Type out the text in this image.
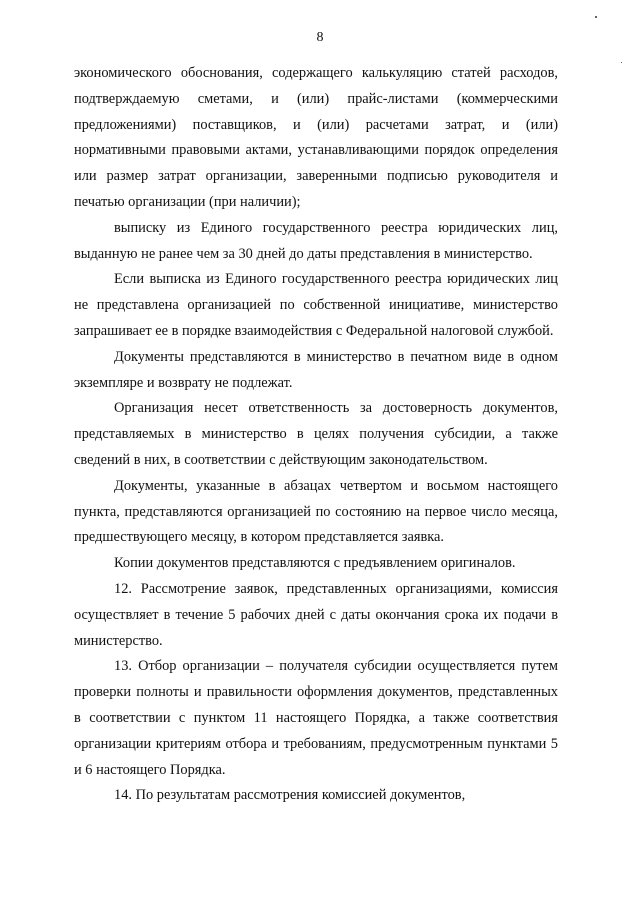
8

экономического обоснования, содержащего калькуляцию статей расходов, подтверждаемую сметами, и (или) прайс-листами (коммерческими предложениями) поставщиков, и (или) расчетами затрат, и (или) нормативными правовыми актами, устанавливающими порядок определения или размер затрат организации, заверенными подписью руководителя и печатью организации (при наличии);

выписку из Единого государственного реестра юридических лиц, выданную не ранее чем за 30 дней до даты представления в министерство.

Если выписка из Единого государственного реестра юридических лиц не представлена организацией по собственной инициативе, министерство запрашивает ее в порядке взаимодействия с Федеральной налоговой службой.

Документы представляются в министерство в печатном виде в одном экземпляре и возврату не подлежат.

Организация несет ответственность за достоверность документов, представляемых в министерство в целях получения субсидии, а также сведений в них, в соответствии с действующим законодательством.

Документы, указанные в абзацах четвертом и восьмом настоящего пункта, представляются организацией по состоянию на первое число месяца, предшествующего месяцу, в котором представляется заявка.

Копии документов представляются с предъявлением оригиналов.

12. Рассмотрение заявок, представленных организациями, комиссия осуществляет в течение 5 рабочих дней с даты окончания срока их подачи в министерство.

13. Отбор организации – получателя субсидии осуществляется путем проверки полноты и правильности оформления документов, представленных в соответствии с пунктом 11 настоящего Порядка, а также соответствия организации критериям отбора и требованиям, предусмотренным пунктами 5 и 6 настоящего Порядка.

14. По результатам рассмотрения комиссией документов,
